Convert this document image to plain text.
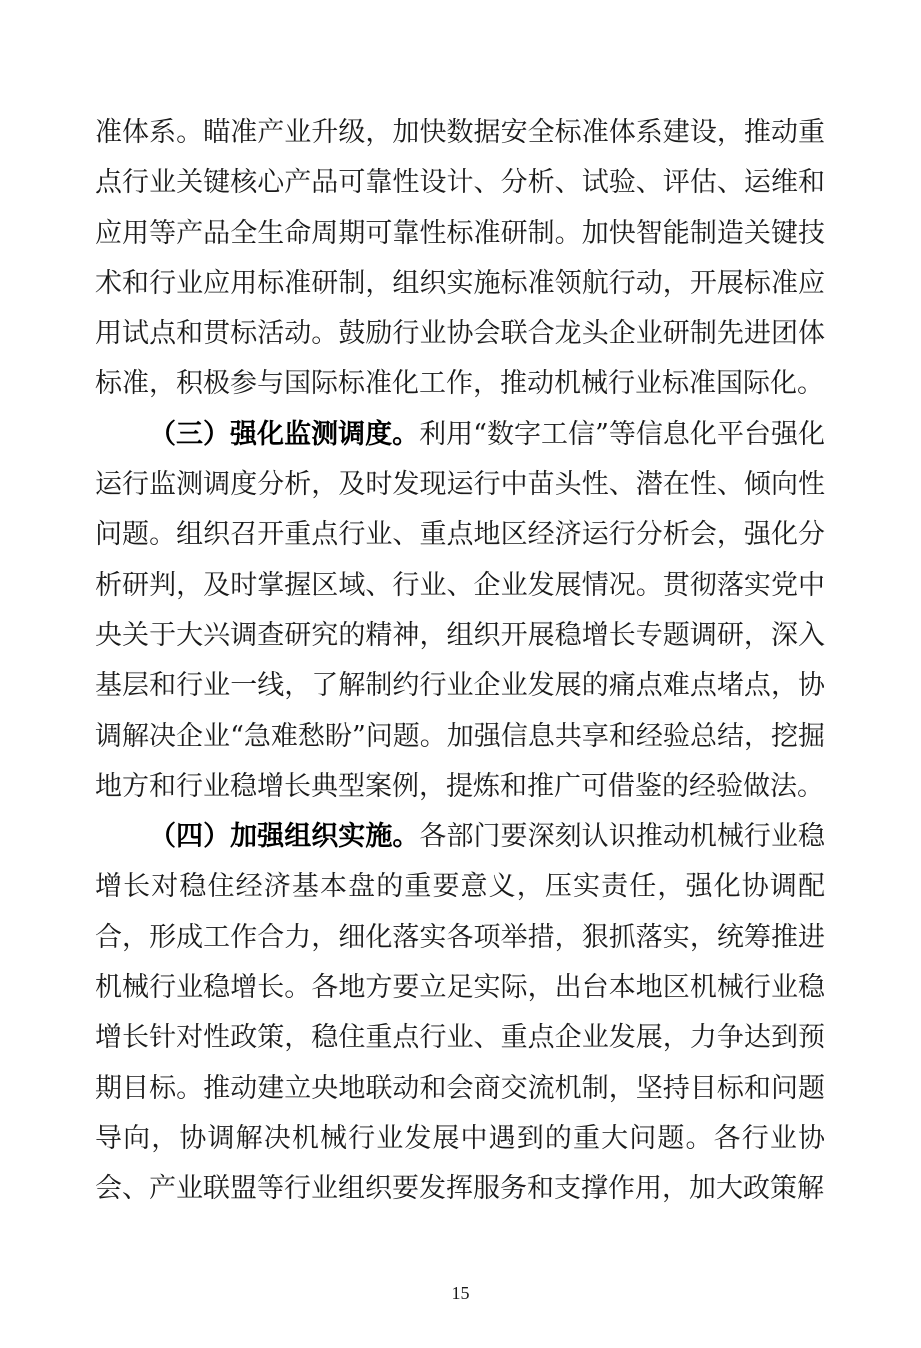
准体系。瞄准产业升级，加快数据安全标准体系建设，推动重点行业关键核心产品可靠性设计、分析、试验、评估、运维和应用等产品全生命周期可靠性标准研制。加快智能制造关键技术和行业应用标准研制，组织实施标准领航行动，开展标准应用试点和贯标活动。鼓励行业协会联合龙头企业研制先进团体标准，积极参与国际标准化工作，推动机械行业标准国际化。

（三）强化监测调度。利用“数字工信”等信息化平台强化运行监测调度分析，及时发现运行中苗头性、潜在性、倾向性问题。组织召开重点行业、重点地区经济运行分析会，强化分析研判，及时掌握区域、行业、企业发展情况。贯彻落实党中央关于大兴调查研究的精神，组织开展稳增长专题调研，深入基层和行业一线，了解制约行业企业发展的痛点难点堵点，协调解决企业“急难愁盼”问题。加强信息共享和经验总结，挖掘地方和行业稳增长典型案例，提炼和推广可借鉴的经验做法。

（四）加强组织实施。各部门要深刻认识推动机械行业稳增长对稳住经济基本盘的重要意义，压实责任，强化协调配合，形成工作合力，细化落实各项举措，狠抓落实，统筹推进机械行业稳增长。各地方要立足实际，出台本地区机械行业稳增长针对性政策，稳住重点行业、重点企业发展，力争达到预期目标。推动建立央地联动和会商交流机制，坚持目标和问题导向，协调解决机械行业发展中遇到的重大问题。各行业协会、产业联盟等行业组织要发挥服务和支撑作用，加大政策解

15
